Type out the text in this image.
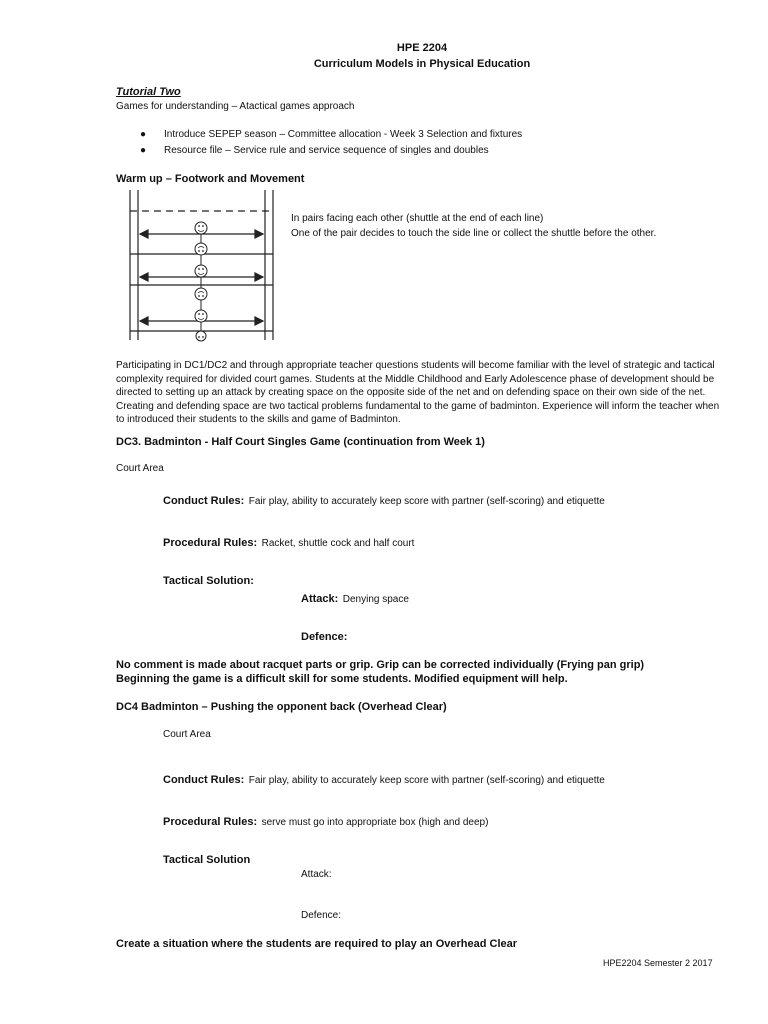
HPE 2204
Curriculum Models in Physical Education
Tutorial Two
Games for understanding – Atactical games approach
● Introduce SEPEP season – Committee allocation - Week 3 Selection and fixtures
● Resource file – Service rule and service sequence of singles and doubles
Warm up – Footwork and Movement
In pairs facing each other (shuttle at the end of each line)
One of the pair decides to touch the side line or collect the shuttle before the other.
Participating in DC1/DC2 and through appropriate teacher questions students will become familiar with the level of strategic and tactical complexity required for divided court games. Students at the Middle Childhood and Early Adolescence phase of development should be directed to setting up an attack by creating space on the opposite side of the net and on defending space on their own side of the net. Creating and defending space are two tactical problems fundamental to the game of badminton. Experience will inform the teacher when to introduced their students to the skills and game of Badminton.
DC3. Badminton - Half Court Singles Game (continuation from Week 1)
Court Area
Conduct Rules: Fair play, ability to accurately keep score with partner (self-scoring) and etiquette
Procedural Rules: Racket, shuttle cock and half court
Tactical Solution:
Attack: Denying space
Defence:
No comment is made about racquet parts or grip. Grip can be corrected individually (Frying pan grip)
Beginning the game is a difficult skill for some students. Modified equipment will help.
DC4 Badminton – Pushing the opponent back (Overhead Clear)
Court Area
Conduct Rules: Fair play, ability to accurately keep score with partner (self-scoring) and etiquette
Procedural Rules: serve must go into appropriate box (high and deep)
Tactical Solution
Attack:
Defence:
Create a situation where the students are required to play an Overhead Clear
HPE2204 Semester 2 2017
